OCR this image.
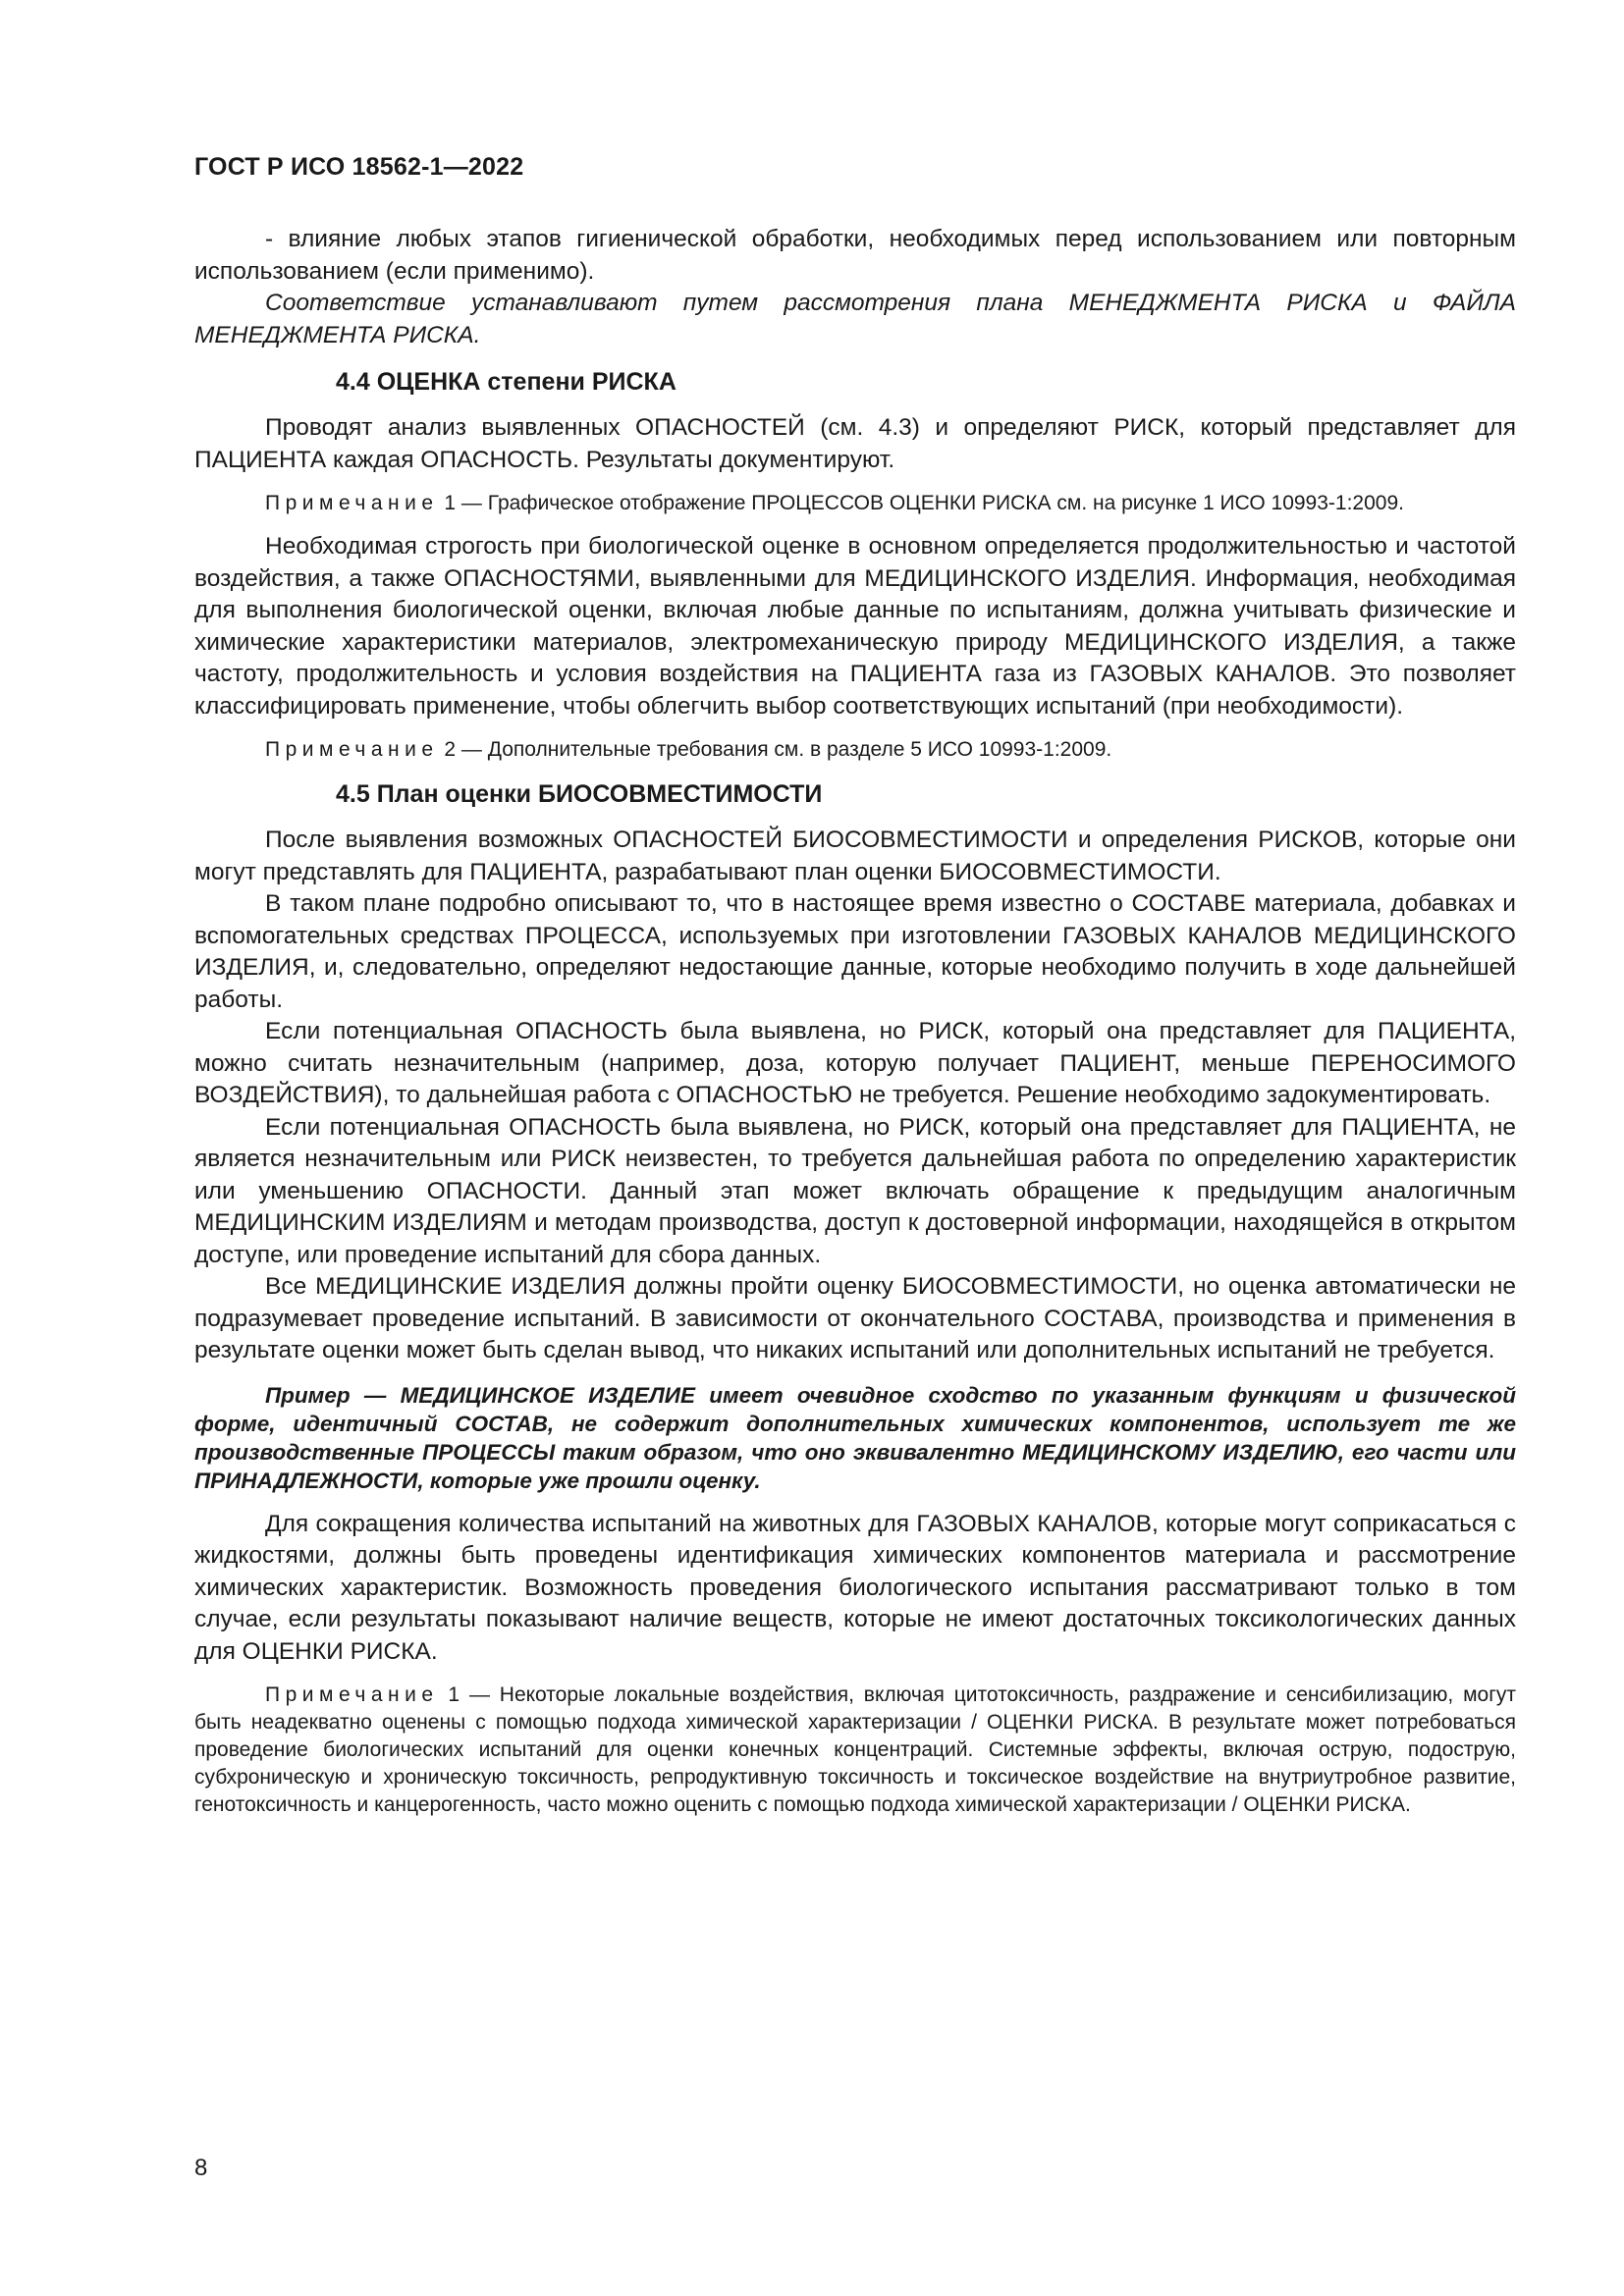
ГОСТ Р ИСО 18562-1—2022

- влияние любых этапов гигиенической обработки, необходимых перед использованием или повторным использованием (если применимо).

Соответствие устанавливают путем рассмотрения плана МЕНЕДЖМЕНТА РИСКА и ФАЙЛА МЕНЕДЖМЕНТА РИСКА.

4.4 ОЦЕНКА степени РИСКА

Проводят анализ выявленных ОПАСНОСТЕЙ (см. 4.3) и определяют РИСК, который представляет для ПАЦИЕНТА каждая ОПАСНОСТЬ. Результаты документируют.

Примечание 1 — Графическое отображение ПРОЦЕССОВ ОЦЕНКИ РИСКА см. на рисунке 1 ИСО 10993-1:2009.

Необходимая строгость при биологической оценке в основном определяется продолжительностью и частотой воздействия, а также ОПАСНОСТЯМИ, выявленными для МЕДИЦИНСКОГО ИЗДЕЛИЯ. Информация, необходимая для выполнения биологической оценки, включая любые данные по испытаниям, должна учитывать физические и химические характеристики материалов, электромеханическую природу МЕДИЦИНСКОГО ИЗДЕЛИЯ, а также частоту, продолжительность и условия воздействия на ПАЦИЕНТА газа из ГАЗОВЫХ КАНАЛОВ. Это позволяет классифицировать применение, чтобы облегчить выбор соответствующих испытаний (при необходимости).

Примечание 2 — Дополнительные требования см. в разделе 5 ИСО 10993-1:2009.

4.5 План оценки БИОСОВМЕСТИМОСТИ

После выявления возможных ОПАСНОСТЕЙ БИОСОВМЕСТИМОСТИ и определения РИСКОВ, которые они могут представлять для ПАЦИЕНТА, разрабатывают план оценки БИОСОВМЕСТИМОСТИ.

В таком плане подробно описывают то, что в настоящее время известно о СОСТАВЕ материала, добавках и вспомогательных средствах ПРОЦЕССА, используемых при изготовлении ГАЗОВЫХ КАНАЛОВ МЕДИЦИНСКОГО ИЗДЕЛИЯ, и, следовательно, определяют недостающие данные, которые необходимо получить в ходе дальнейшей работы.

Если потенциальная ОПАСНОСТЬ была выявлена, но РИСК, который она представляет для ПАЦИЕНТА, можно считать незначительным (например, доза, которую получает ПАЦИЕНТ, меньше ПЕРЕНОСИМОГО ВОЗДЕЙСТВИЯ), то дальнейшая работа с ОПАСНОСТЬЮ не требуется. Решение необходимо задокументировать.

Если потенциальная ОПАСНОСТЬ была выявлена, но РИСК, который она представляет для ПАЦИЕНТА, не является незначительным или РИСК неизвестен, то требуется дальнейшая работа по определению характеристик или уменьшению ОПАСНОСТИ. Данный этап может включать обращение к предыдущим аналогичным МЕДИЦИНСКИМ ИЗДЕЛИЯМ и методам производства, доступ к достоверной информации, находящейся в открытом доступе, или проведение испытаний для сбора данных.

Все МЕДИЦИНСКИЕ ИЗДЕЛИЯ должны пройти оценку БИОСОВМЕСТИМОСТИ, но оценка автоматически не подразумевает проведение испытаний. В зависимости от окончательного СОСТАВА, производства и применения в результате оценки может быть сделан вывод, что никаких испытаний или дополнительных испытаний не требуется.

Пример — МЕДИЦИНСКОЕ ИЗДЕЛИЕ имеет очевидное сходство по указанным функциям и физической форме, идентичный СОСТАВ, не содержит дополнительных химических компонентов, использует те же производственные ПРОЦЕССЫ таким образом, что оно эквивалентно МЕДИЦИНСКОМУ ИЗДЕЛИЮ, его части или ПРИНАДЛЕЖНОСТИ, которые уже прошли оценку.

Для сокращения количества испытаний на животных для ГАЗОВЫХ КАНАЛОВ, которые могут соприкасаться с жидкостями, должны быть проведены идентификация химических компонентов материала и рассмотрение химических характеристик. Возможность проведения биологического испытания рассматривают только в том случае, если результаты показывают наличие веществ, которые не имеют достаточных токсикологических данных для ОЦЕНКИ РИСКА.

Примечание 1 — Некоторые локальные воздействия, включая цитотоксичность, раздражение и сенсибилизацию, могут быть неадекватно оценены с помощью подхода химической характеризации / ОЦЕНКИ РИСКА. В результате может потребоваться проведение биологических испытаний для оценки конечных концентраций. Системные эффекты, включая острую, подострую, субхроническую и хроническую токсичность, репродуктивную токсичность и токсическое воздействие на внутриутробное развитие, генотоксичность и канцерогенность, часто можно оценить с помощью подхода химической характеризации / ОЦЕНКИ РИСКА.

8
